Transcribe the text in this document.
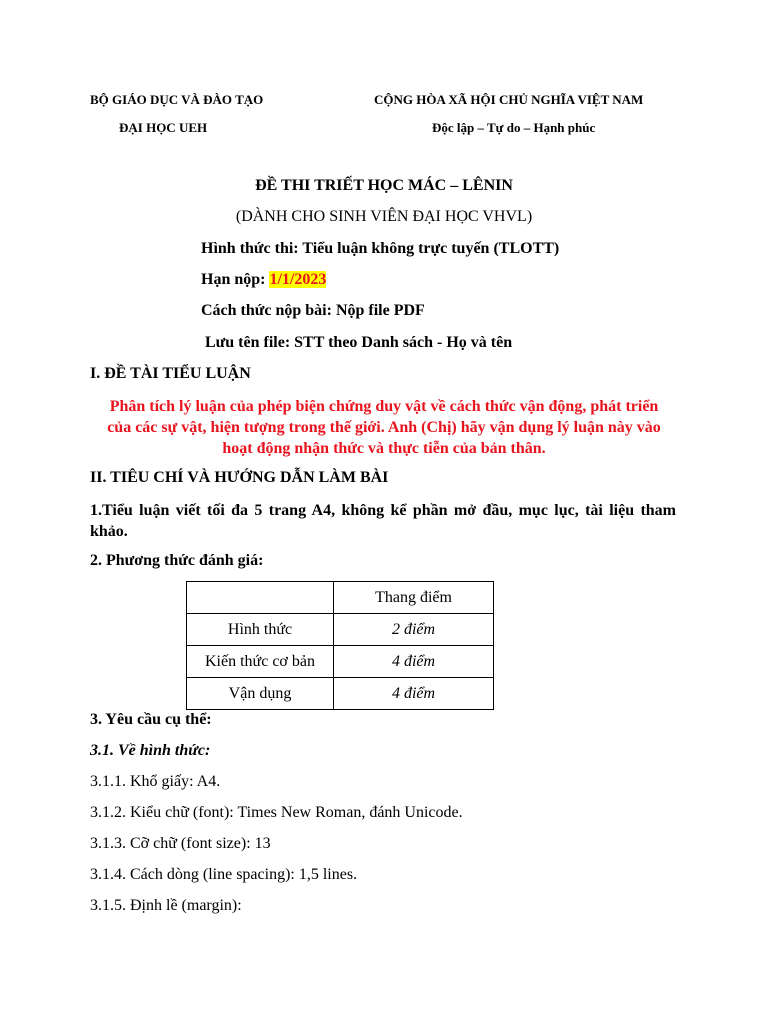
BỘ GIÁO DỤC VÀ ĐÀO TẠO
ĐẠI HỌC UEH
CỘNG HÒA XÃ HỘI CHỦ NGHĨA VIỆT NAM
Độc lập – Tự do – Hạnh phúc
ĐỀ THI TRIẾT HỌC MÁC – LÊNIN
(DÀNH CHO SINH VIÊN ĐẠI HỌC VHVL)
Hình thức thi: Tiểu luận không trực tuyến (TLOTT)
Hạn nộp: 1/1/2023
Cách thức nộp bài: Nộp file PDF
Lưu tên file: STT theo Danh sách - Họ và tên
I. ĐỀ TÀI TIỂU LUẬN
Phân tích lý luận của phép biện chứng duy vật về cách thức vận động, phát triển
của các sự vật, hiện tượng trong thế giới. Anh (Chị) hãy vận dụng lý luận này vào
hoạt động nhận thức và thực tiễn của bản thân.
II. TIÊU CHÍ VÀ HƯỚNG DẪN LÀM BÀI
1.Tiểu luận viết tối đa 5 trang A4, không kể phần mở đầu, mục lục, tài liệu tham khảo.
2. Phương thức đánh giá:
	Thang điểm
Hình thức	2 điểm
Kiến thức cơ bản	4 điểm
Vận dụng	4 điểm
3. Yêu cầu cụ thể:
3.1. Về hình thức:
3.1.1. Khổ giấy: A4.
3.1.2. Kiểu chữ (font): Times New Roman, đánh Unicode.
3.1.3. Cỡ chữ (font size): 13
3.1.4. Cách dòng (line spacing): 1,5 lines.
3.1.5. Định lề (margin):
